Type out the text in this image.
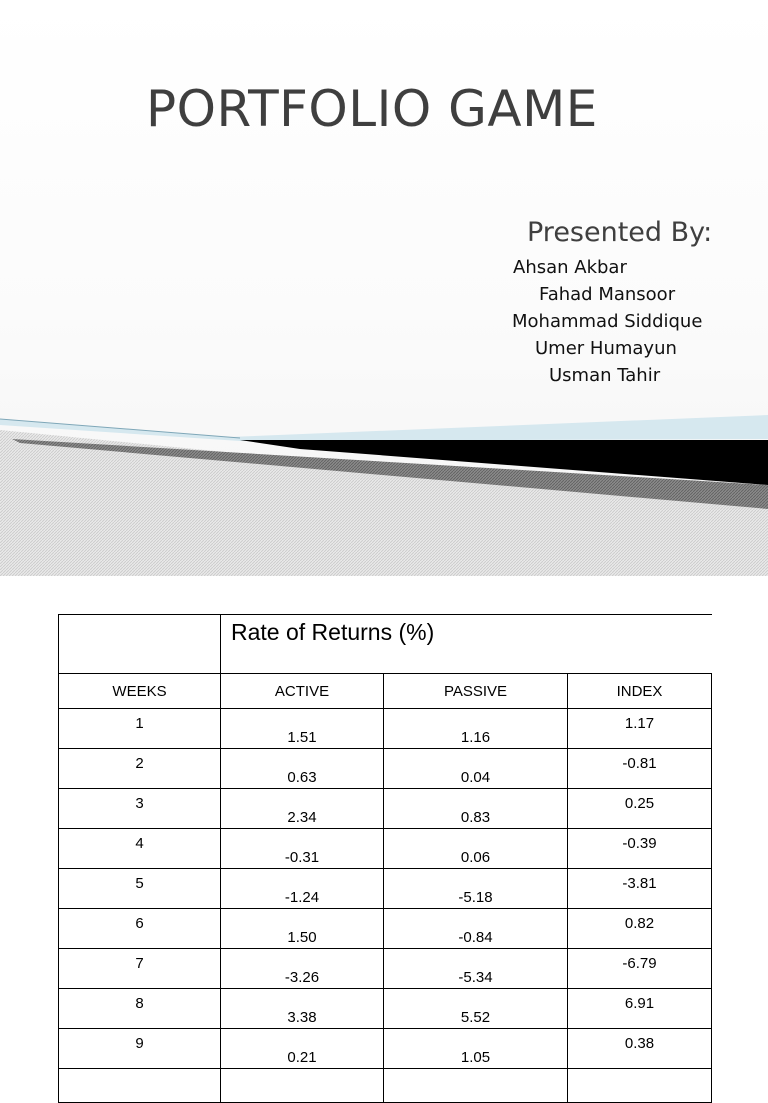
PORTFOLIO GAME
Presented By:
Ahsan Akbar
Fahad Mansoor
Mohammad Siddique
Umer Humayun
Usman Tahir
	Rate of Returns (%)		
WEEKS	ACTIVE	PASSIVE	INDEX
1	1.51	1.16	1.17
2	0.63	0.04	-0.81
3	2.34	0.83	0.25
4	-0.31	0.06	-0.39
5	-1.24	-5.18	-3.81
6	1.50	-0.84	0.82
7	-3.26	-5.34	-6.79
8	3.38	5.52	6.91
9	0.21	1.05	0.38
